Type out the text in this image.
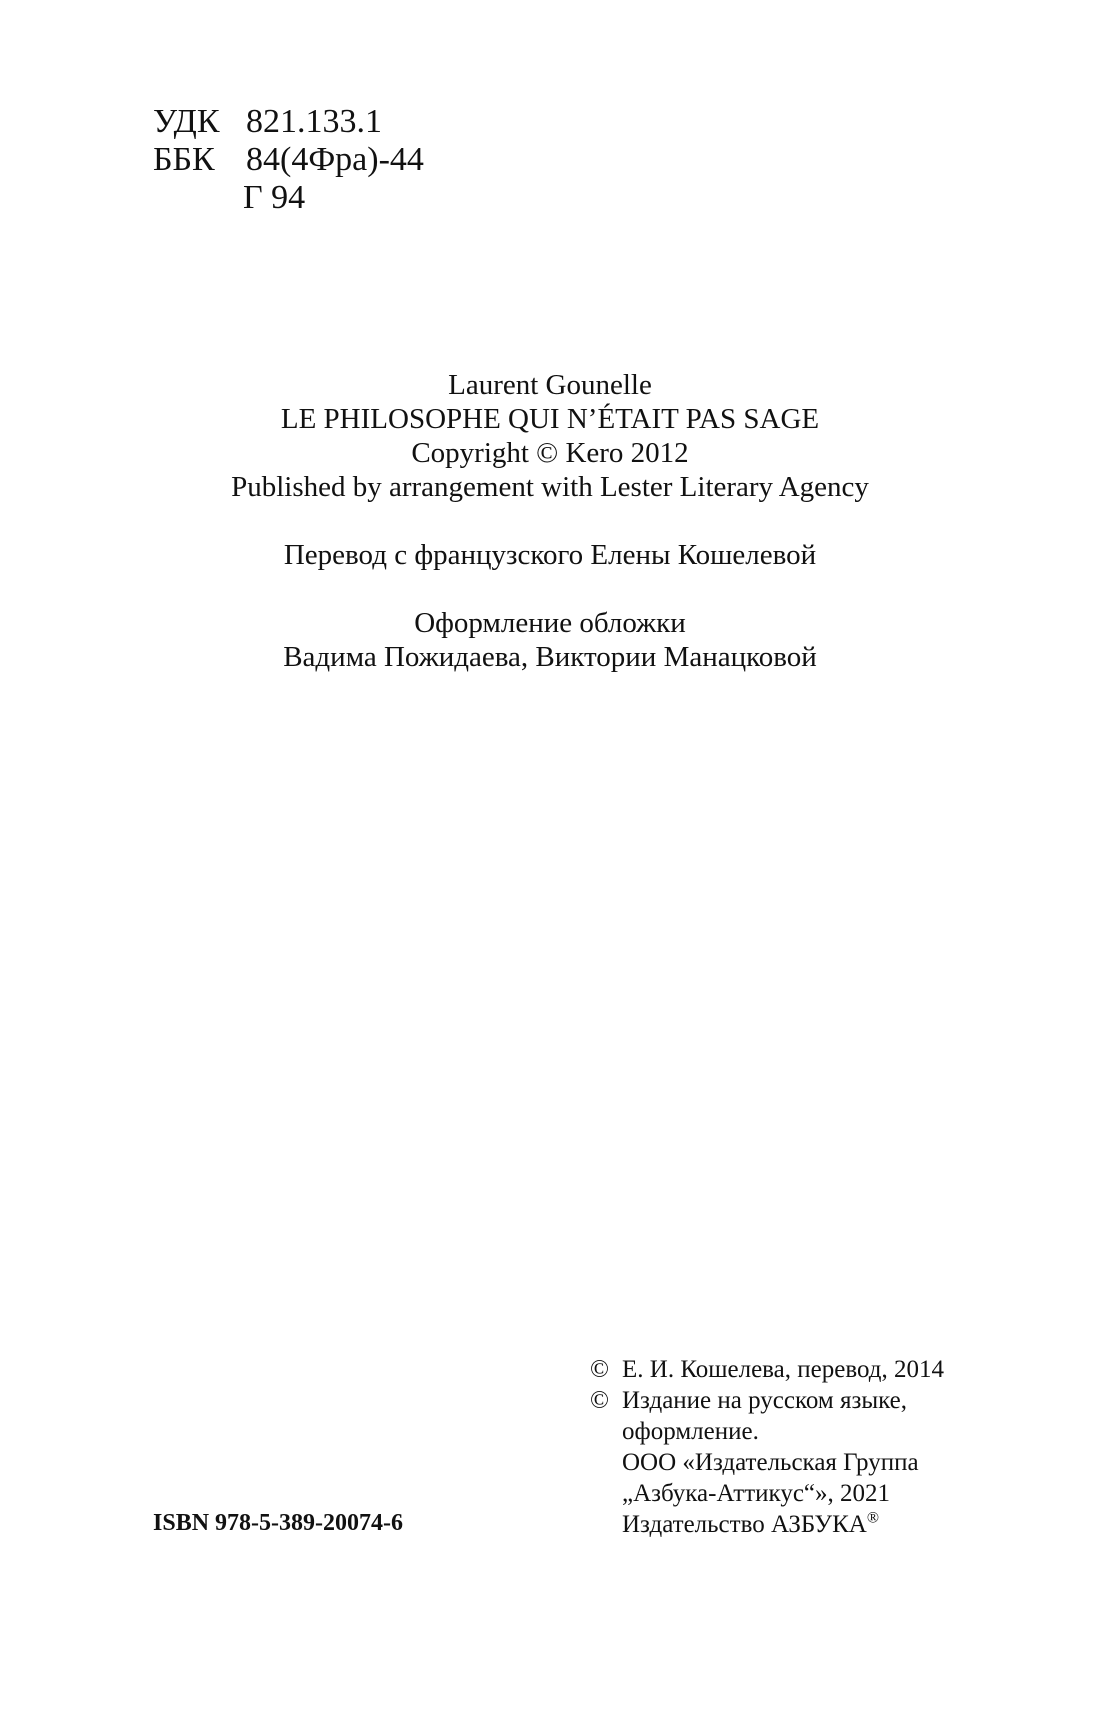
УДК 821.133.1
ББК 84(4Фра)-44
Г 94
Laurent Gounelle
LE PHILOSOPHE QUI N’ÉTAIT PAS SAGE
Copyright © Kero 2012
Published by arrangement with Lester Literary Agency
Перевод с французского Елены Кошелевой
Оформление обложки
Вадима Пожидаева, Виктории Манацковой
© Е. И. Кошелева, перевод, 2014
© Издание на русском языке,
оформление.
ООО «Издательская Группа
„Азбука-Аттикус“», 2021
Издательство АЗБУКА®
ISBN 978-5-389-20074-6
